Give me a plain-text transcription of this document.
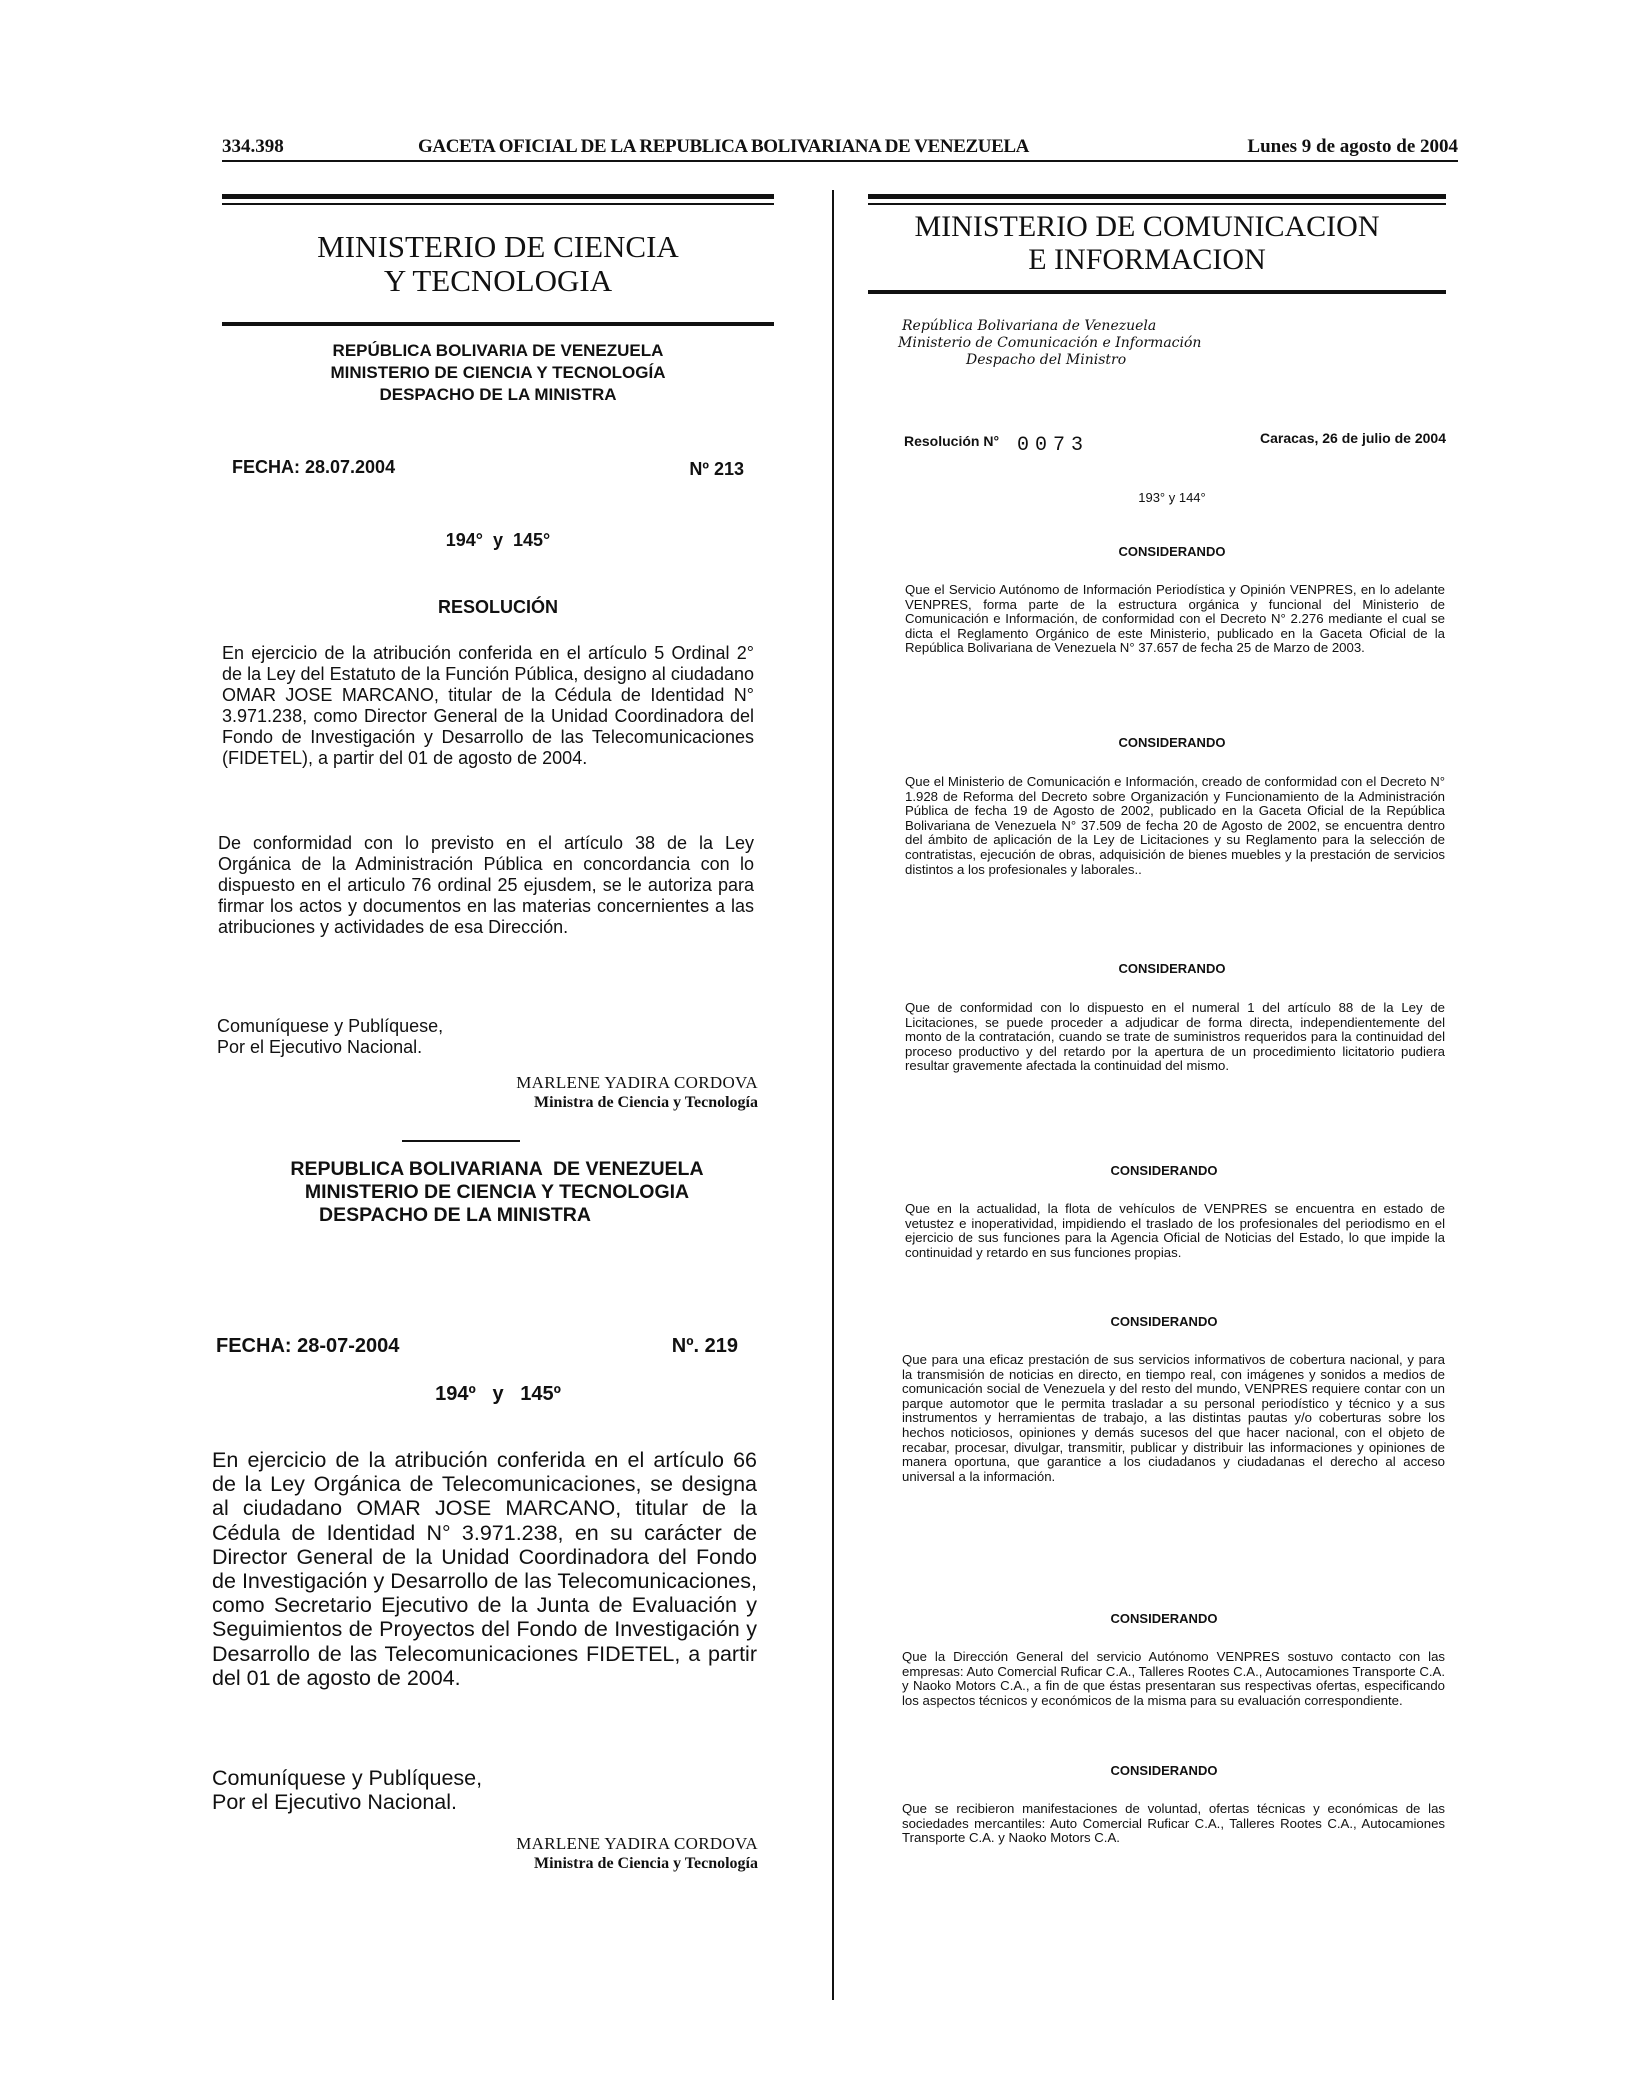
334.398	GACETA OFICIAL DE LA REPUBLICA BOLIVARIANA DE VENEZUELA	Lunes 9 de agosto de 2004
MINISTERIO DE CIENCIA
Y TECNOLOGIA
REPÚBLICA BOLIVARIA DE VENEZUELA
MINISTERIO DE CIENCIA Y TECNOLOGÍA
DESPACHO DE LA MINISTRA
FECHA: 28.07.2004	Nº 213
194°  y  145°
RESOLUCIÓN
En ejercicio de la atribución conferida en el artículo 5 Ordinal 2° de la Ley del Estatuto de la Función Pública, designo al ciudadano OMAR JOSE MARCANO, titular de la Cédula de Identidad N° 3.971.238, como Director General de la Unidad Coordinadora del Fondo de Investigación y Desarrollo de las Telecomunicaciones (FIDETEL), a partir del 01 de agosto de 2004.
De conformidad con lo previsto en el artículo 38 de la Ley Orgánica de la Administración Pública en concordancia con lo dispuesto en el articulo 76 ordinal 25 ejusdem, se le autoriza para firmar los actos y documentos en las materias concernientes a las atribuciones y actividades de esa Dirección.
Comuníquese y Publíquese,
Por el Ejecutivo Nacional.
MARLENE YADIRA CORDOVA
Ministra de Ciencia y Tecnología
REPUBLICA BOLIVARIANA  DE VENEZUELA
MINISTERIO DE CIENCIA Y TECNOLOGIA
DESPACHO DE LA MINISTRA
FECHA: 28-07-2004	Nº. 219
194º   y   145º
En ejercicio de la atribución conferida en el artículo 66 de la Ley Orgánica de Telecomunicaciones, se designa al ciudadano OMAR JOSE MARCANO, titular de la Cédula de Identidad N° 3.971.238, en su carácter de Director General de la Unidad Coordinadora del Fondo de Investigación y Desarrollo de las Telecomunicaciones, como Secretario Ejecutivo de la Junta de Evaluación y Seguimientos de Proyectos del Fondo de Investigación y Desarrollo de las Telecomunicaciones FIDETEL, a partir del 01 de agosto de 2004.
Comuníquese y Publíquese,
Por el Ejecutivo Nacional.
MARLENE YADIRA CORDOVA
Ministra de Ciencia y Tecnología
MINISTERIO DE COMUNICACION
E INFORMACION
República Bolivariana de Venezuela
Ministerio de Comunicación e Información
Despacho del Ministro
Resolución N° 0073	Caracas, 26 de julio de 2004
193° y 144°
CONSIDERANDO
Que el Servicio Autónomo de Información Periodística y Opinión VENPRES, en lo adelante VENPRES, forma parte de la estructura orgánica y funcional del Ministerio de Comunicación e Información, de conformidad con el Decreto N° 2.276 mediante el cual se dicta el Reglamento Orgánico de este Ministerio, publicado en la Gaceta Oficial de la República Bolivariana de Venezuela N° 37.657 de fecha 25 de Marzo de 2003.
CONSIDERANDO
Que el Ministerio de Comunicación e Información, creado de conformidad con el Decreto N° 1.928 de Reforma del Decreto sobre Organización y Funcionamiento de la Administración Pública de fecha 19 de Agosto de 2002, publicado en la Gaceta Oficial de la República Bolivariana de Venezuela N° 37.509 de fecha 20 de Agosto de 2002, se encuentra dentro del ámbito de aplicación de la Ley de Licitaciones y su Reglamento para la selección de contratistas, ejecución de obras, adquisición de bienes muebles y la prestación de servicios distintos a los profesionales y laborales..
CONSIDERANDO
Que de conformidad con lo dispuesto en el numeral 1 del artículo 88 de la Ley de Licitaciones, se puede proceder a adjudicar de forma directa, independientemente del monto de la contratación, cuando se trate de suministros requeridos para la continuidad del proceso productivo y del retardo por la apertura de un procedimiento licitatorio pudiera resultar gravemente afectada la continuidad del mismo.
CONSIDERANDO
Que en la actualidad, la flota de vehículos de VENPRES se encuentra en estado de vetustez e inoperatividad, impidiendo el traslado de los profesionales del periodismo en el ejercicio de sus funciones para la Agencia Oficial de Noticias del Estado, lo que impide la continuidad y retardo en sus funciones propias.
CONSIDERANDO
Que para una eficaz prestación de sus servicios informativos de cobertura nacional, y para la transmisión de noticias en directo, en tiempo real, con imágenes y sonidos a medios de comunicación social de Venezuela y del resto del mundo, VENPRES requiere contar con un parque automotor que le permita trasladar a su personal periodístico y técnico y a sus instrumentos y herramientas de trabajo, a las distintas pautas y/o coberturas sobre los hechos noticiosos, opiniones y demás sucesos del que hacer nacional, con el objeto de recabar, procesar, divulgar, transmitir, publicar y distribuir las informaciones y opiniones de manera oportuna, que garantice a los ciudadanos y ciudadanas el derecho al acceso universal a la información.
CONSIDERANDO
Que la Dirección General del servicio Autónomo VENPRES sostuvo contacto con las empresas: Auto Comercial Ruficar C.A., Talleres Rootes C.A., Autocamiones Transporte C.A. y Naoko Motors C.A., a fin de que éstas presentaran sus respectivas ofertas, especificando los aspectos técnicos y económicos de la misma para su evaluación correspondiente.
CONSIDERANDO
Que se recibieron manifestaciones de voluntad, ofertas técnicas y económicas de las sociedades mercantiles: Auto Comercial Ruficar C.A., Talleres Rootes C.A., Autocamiones Transporte C.A. y Naoko Motors C.A.
